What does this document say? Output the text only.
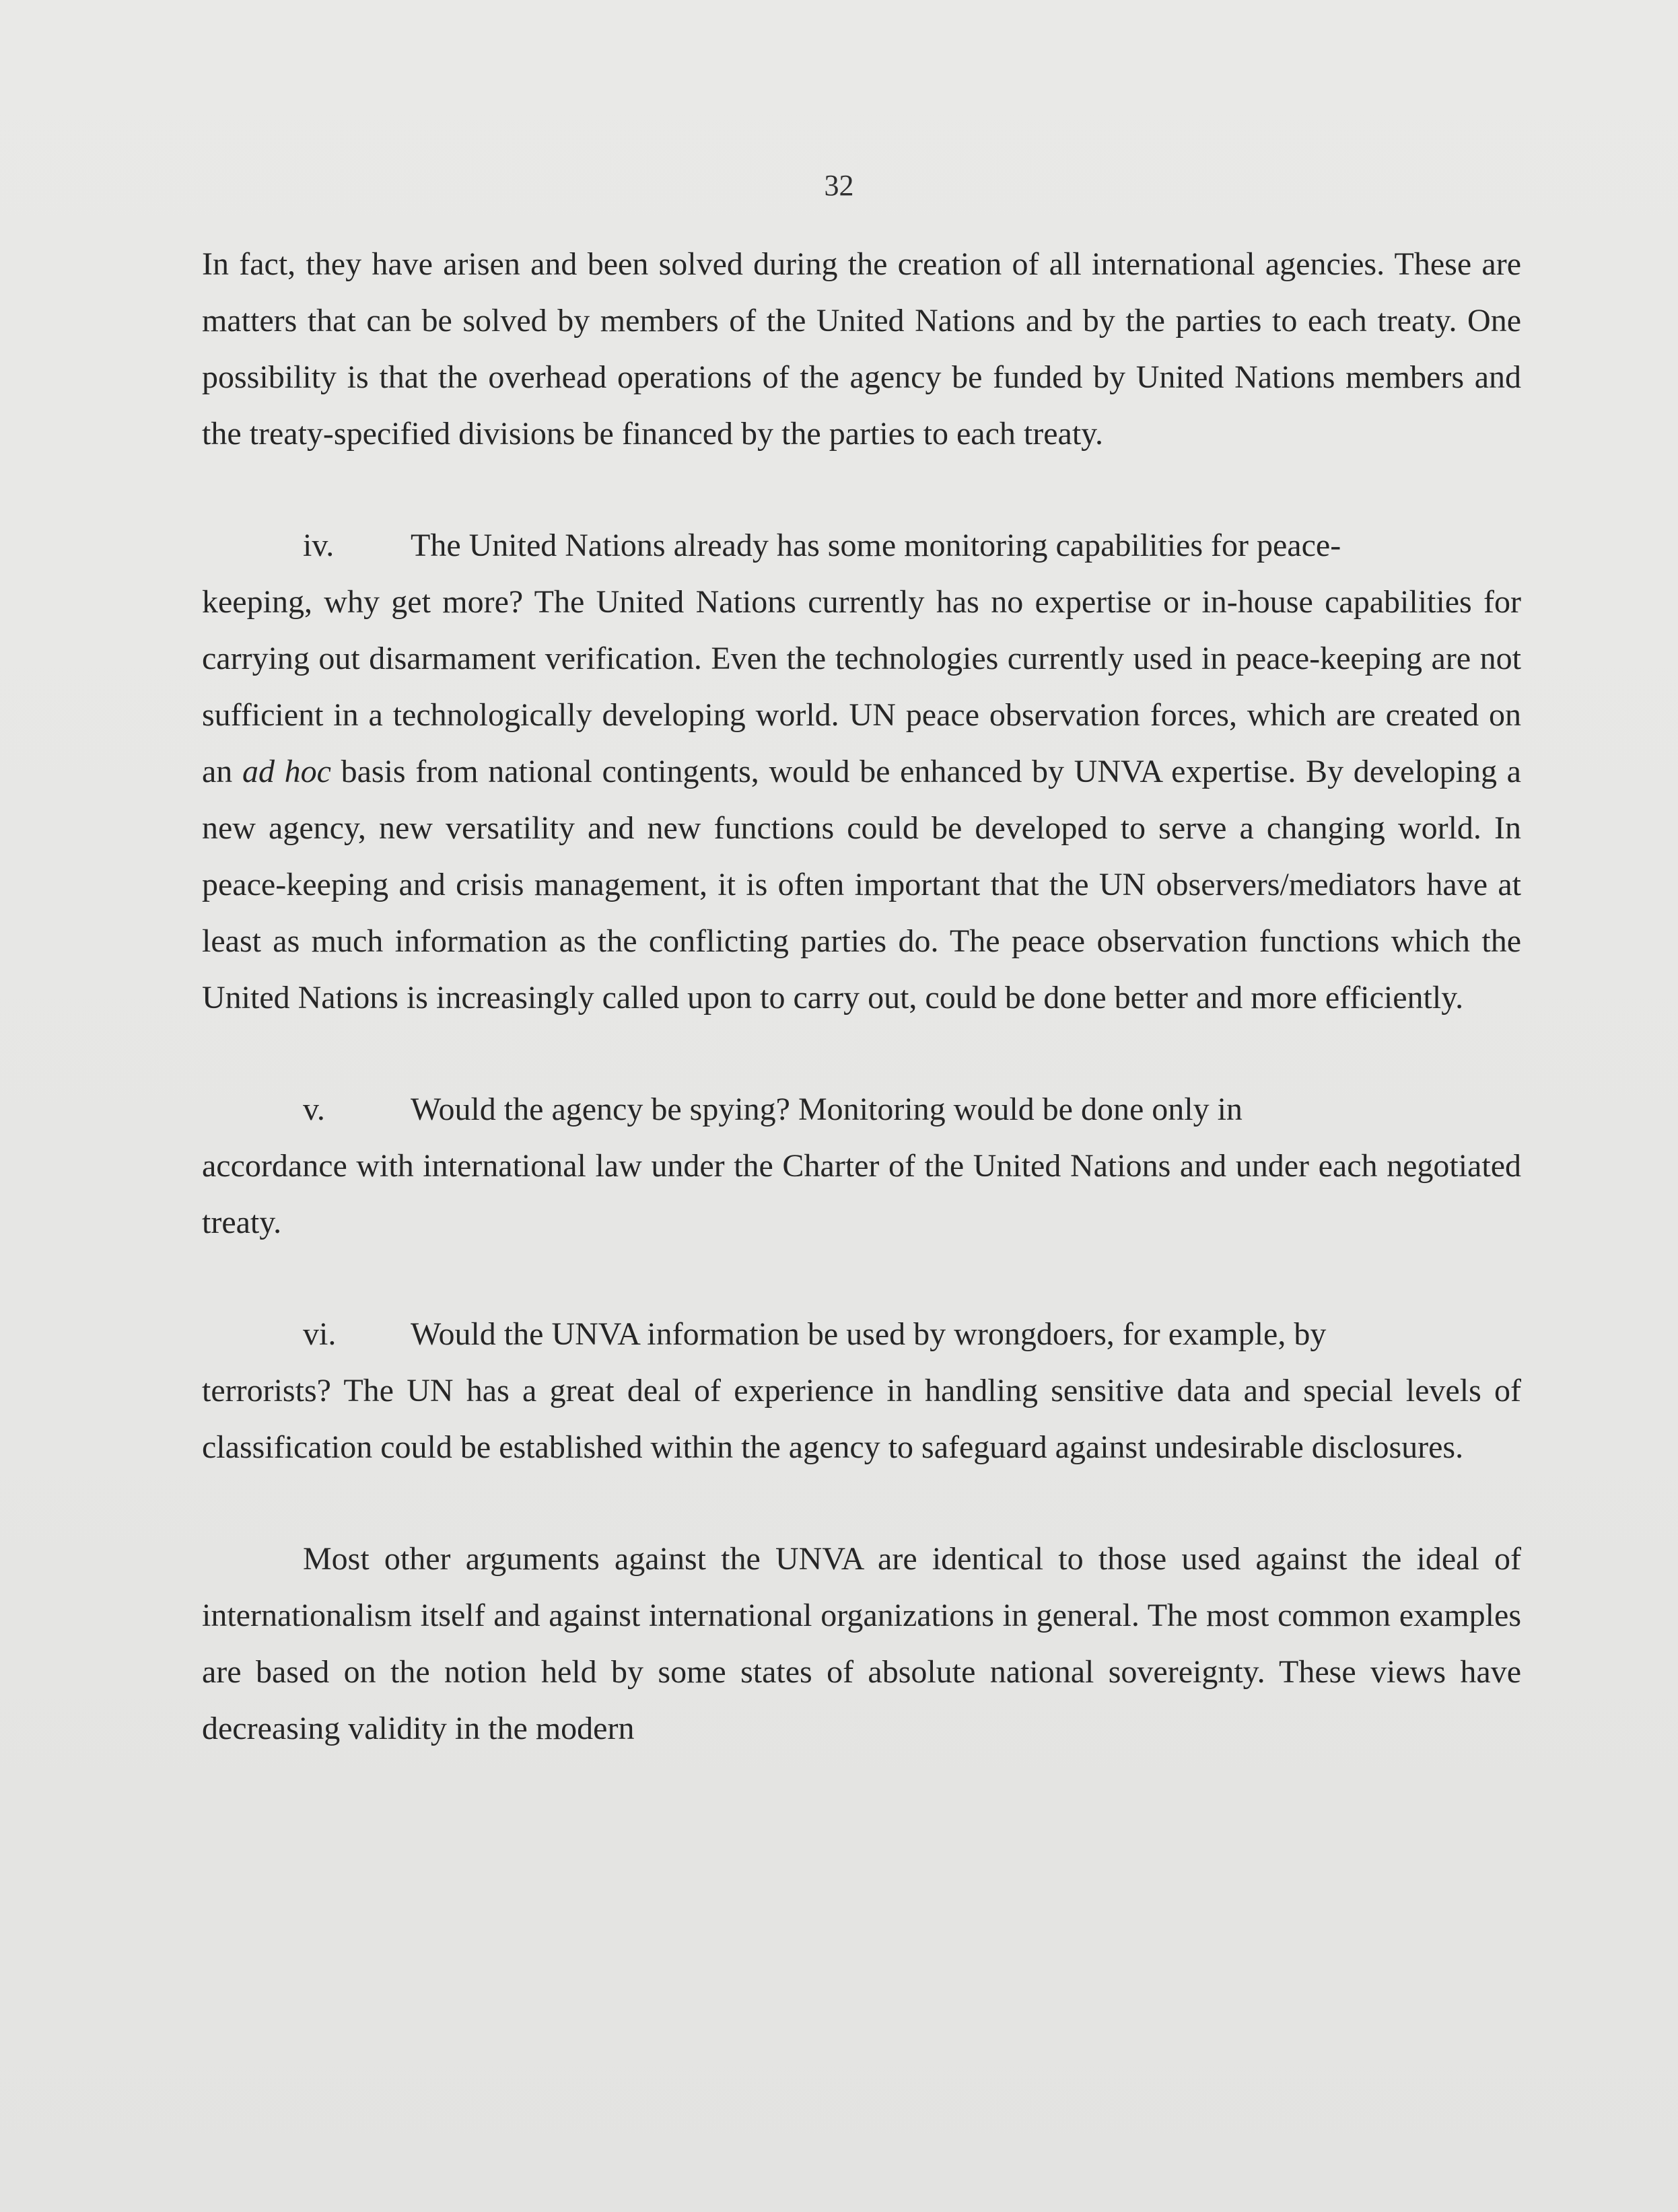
32

In fact, they have arisen and been solved during the creation of all international agencies. These are matters that can be solved by members of the United Nations and by the parties to each treaty. One possibility is that the overhead operations of the agency be funded by United Nations members and the treaty-specified divisions be financed by the parties to each treaty.

iv.	The United Nations already has some monitoring capabilities for peace-
keeping, why get more? The United Nations currently has no expertise or in-house capabilities for carrying out disarmament verification. Even the technologies currently used in peace-keeping are not sufficient in a technologically developing world. UN peace observation forces, which are created on an ad hoc basis from national contingents, would be enhanced by UNVA expertise. By developing a new agency, new versatility and new functions could be developed to serve a changing world. In peace-keeping and crisis management, it is often important that the UN observers/mediators have at least as much information as the conflicting parties do. The peace observation functions which the United Nations is increasingly called upon to carry out, could be done better and more efficiently.
v.	Would the agency be spying? Monitoring would be done only in
accordance with international law under the Charter of the United Nations and under each negotiated treaty.
vi.	Would the UNVA information be used by wrongdoers, for example, by
terrorists? The UN has a great deal of experience in handling sensitive data and special levels of classification could be established within the agency to safeguard against undesirable disclosures.

Most other arguments against the UNVA are identical to those used against the ideal of internationalism itself and against international organizations in general. The most common examples are based on the notion held by some states of absolute national sovereignty. These views have decreasing validity in the modern
